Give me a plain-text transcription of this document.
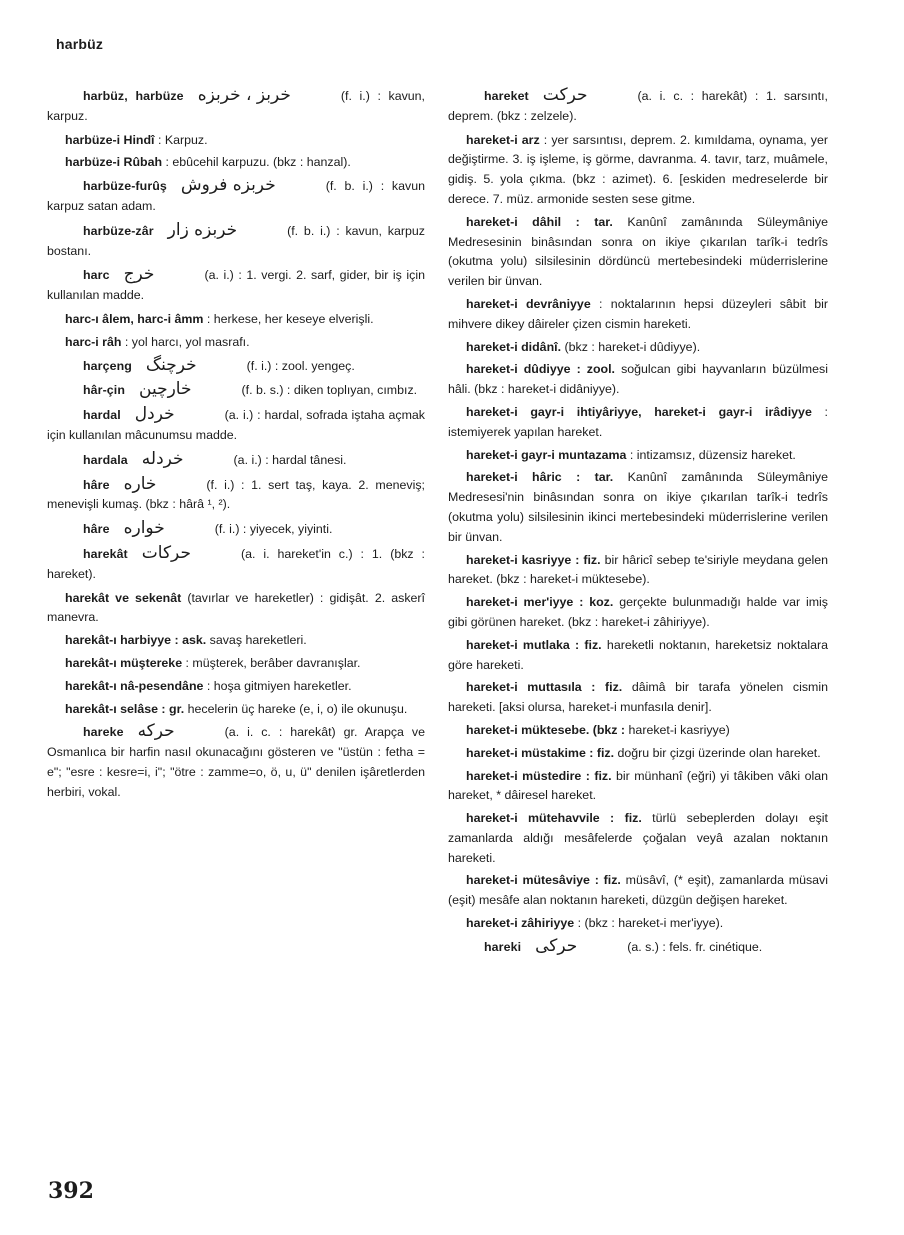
harbüz

harbüz, harbüze خربز ، خربزه	(f. i.) : kavun, karpuz.

harbüze-i Hindî : Karpuz.

harbüze-i Rûbah : ebûcehil karpuzu. (bkz : hanzal).

harbüze-furûş خربزه فروش	(f. b. i.) : kavun karpuz satan adam.

harbüze-zâr خربزه زار	(f. b. i.) : kavun, karpuz bostanı.

harc خرج	(a. i.) : 1. vergi. 2. sarf, gider, bir iş için kullanılan madde.

harc-ı âlem, harc-i âmm : herkese, her keseye elverişli.

harc-i râh : yol harcı, yol masrafı.

harçeng خرچنگ	(f. i.) : zool. yengeç.

hâr-çin خارچين	(f. b. s.) : diken toplıyan, cımbız.

hardal خردل	(a. i.) : hardal, sofrada iştaha açmak için kullanılan mâcunumsu madde.

hardala خردله	(a. i.) : hardal tânesi.

hâre خاره	(f. i.) : 1. sert taş, kaya. 2. meneviş; menevişli kumaş. (bkz : hârâ ¹, ²).

hâre خواره	(f. i.) : yiyecek, yiyinti.

harekât حركات	(a. i. hareket'in c.) : 1. (bkz : hareket).

harekât ve sekenât (tavırlar ve hareketler) : gidişât. 2. askerî manevra.

harekât-ı harbiyye : ask. savaş hareketleri.

harekât-ı müştereke : müşterek, berâber davranışlar.

harekât-ı nâ-pesendâne : hoşa gitmiyen hareketler.

harekât-ı selâse : gr. hecelerin üç hareke (e, i, o) ile okunuşu.

hareke حركه	(a. i. c. : harekât) gr. Arapça ve Osmanlıca bir harfin nasıl okunacağını gösteren ve "üstün : fetha = e"; "esre : kesre=i, i"; "ötre : zamme=o, ö, u, ü" denilen işâretlerden herbiri, vokal.

hareket حركت	(a. i. c. : harekât) : 1. sarsıntı, deprem. (bkz : zelzele).

hareket-i arz : yer sarsıntısı, deprem. 2. kımıldama, oynama, yer değiştirme. 3. iş işleme, iş görme, davranma. 4. tavır, tarz, muâmele, gidiş. 5. yola çıkma. (bkz : azimet). 6. [eskiden medreselerde bir derece. 7. müz. armonide sesten sese gitme.

hareket-i dâhil : tar. Kanûnî zamânında Süleymâniye Medresesinin binâsından sonra on ikiye çıkarılan tarîk-i tedrîs (okutma yolu) silsilesinin dördüncü mertebesindeki müderrislerine verilen bir ünvan.

hareket-i devrâniyye : noktalarının hepsi düzeyleri sâbit bir mihvere dikey dâireler çizen cismin hareketi.

hareket-i didânî. (bkz : hareket-i dûdiyye).

hareket-i dûdiyye : zool. soğulcan gibi hayvanların büzülmesi hâli. (bkz : hareket-i didâniyye).

hareket-i gayr-i ihtiyâriyye, hareket-i gayr-i irâdiyye : istemiyerek yapılan hareket.

hareket-i gayr-i muntazama : intizamsız, düzensiz hareket.

hareket-i hâric : tar. Kanûnî zamânında Süleymâniye Medresesi'nin binâsından sonra on ikiye çıkarılan tarîk-i tedrîs (okutma yolu) silsilesinin ikinci mertebesindeki müderrislerine verilen bir ünvan.

hareket-i kasriyye : fiz. bir hâricî sebep te'siriyle meydana gelen hareket. (bkz : hareket-i müktesebe).

hareket-i mer'iyye : koz. gerçekte bulunmadığı halde var imiş gibi görünen hareket. (bkz : hareket-i zâhiriyye).

hareket-i mutlaka : fiz. hareketli noktanın, hareketsiz noktalara göre hareketi.

hareket-i muttasıla : fiz. dâimâ bir tarafa yönelen cismin hareketi. [aksi olursa, hareket-i munfasıla denir].

hareket-i müktesebe. (bkz : hareket-i kasriyye)

hareket-i müstakime : fiz. doğru bir çizgi üzerinde olan hareket.

hareket-i müstedire : fiz. bir münhanî (eğri) yi tâkiben vâki olan hareket, * dâiresel hareket.

hareket-i mütehavvile : fiz. türlü sebeplerden dolayı eşit zamanlarda aldığı mesâfelerde çoğalan veyâ azalan noktanın hareketi.

hareket-i mütesâviye : fiz. müsâvî, (* eşit), zamanlarda müsavi (eşit) mesâfe alan noktanın hareketi, düzgün değişen hareket.

hareket-i zâhiriyye : (bkz : hareket-i mer'iyye).

hareki حركى	(a. s.) : fels. fr. cinétique.

392
